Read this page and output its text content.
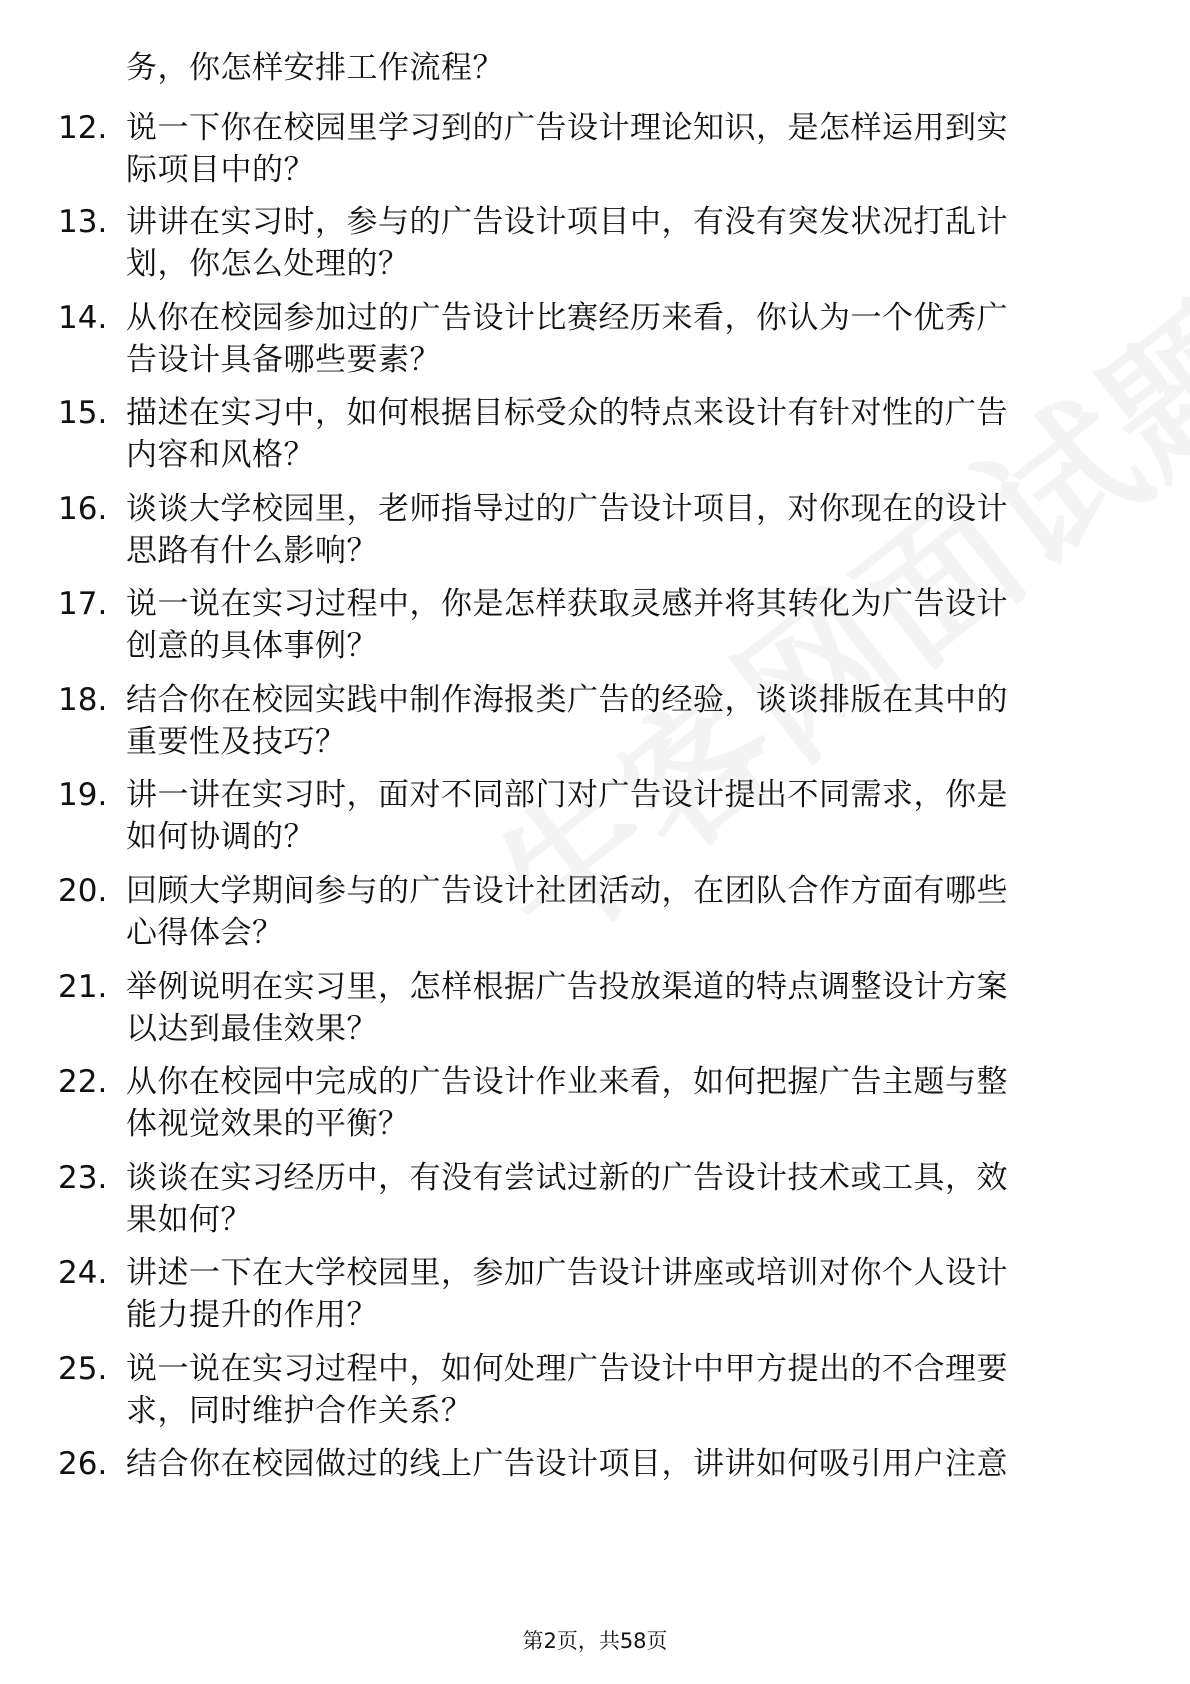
务，你怎样安排工作流程？
12. 说一下你在校园里学习到的广告设计理论知识，是怎样运用到实
际项目中的？
13. 讲讲在实习时，参与的广告设计项目中，有没有突发状况打乱计
划，你怎么处理的？
14. 从你在校园参加过的广告设计比赛经历来看，你认为一个优秀广
告设计具备哪些要素？
15. 描述在实习中，如何根据目标受众的特点来设计有针对性的广告
内容和风格？
16. 谈谈大学校园里，老师指导过的广告设计项目，对你现在的设计
思路有什么影响？
17. 说一说在实习过程中，你是怎样获取灵感并将其转化为广告设计
创意的具体事例？
18. 结合你在校园实践中制作海报类广告的经验，谈谈排版在其中的
重要性及技巧？
19. 讲一讲在实习时，面对不同部门对广告设计提出不同需求，你是
如何协调的？
20. 回顾大学期间参与的广告设计社团活动，在团队合作方面有哪些
心得体会？
21. 举例说明在实习里，怎样根据广告投放渠道的特点调整设计方案
以达到最佳效果？
22. 从你在校园中完成的广告设计作业来看，如何把握广告主题与整
体视觉效果的平衡？
23. 谈谈在实习经历中，有没有尝试过新的广告设计技术或工具，效
果如何？
24. 讲述一下在大学校园里，参加广告设计讲座或培训对你个人设计
能力提升的作用？
25. 说一说在实习过程中，如何处理广告设计中甲方提出的不合理要
求，同时维护合作关系？
26. 结合你在校园做过的线上广告设计项目，讲讲如何吸引用户注意
第2页，共58页
